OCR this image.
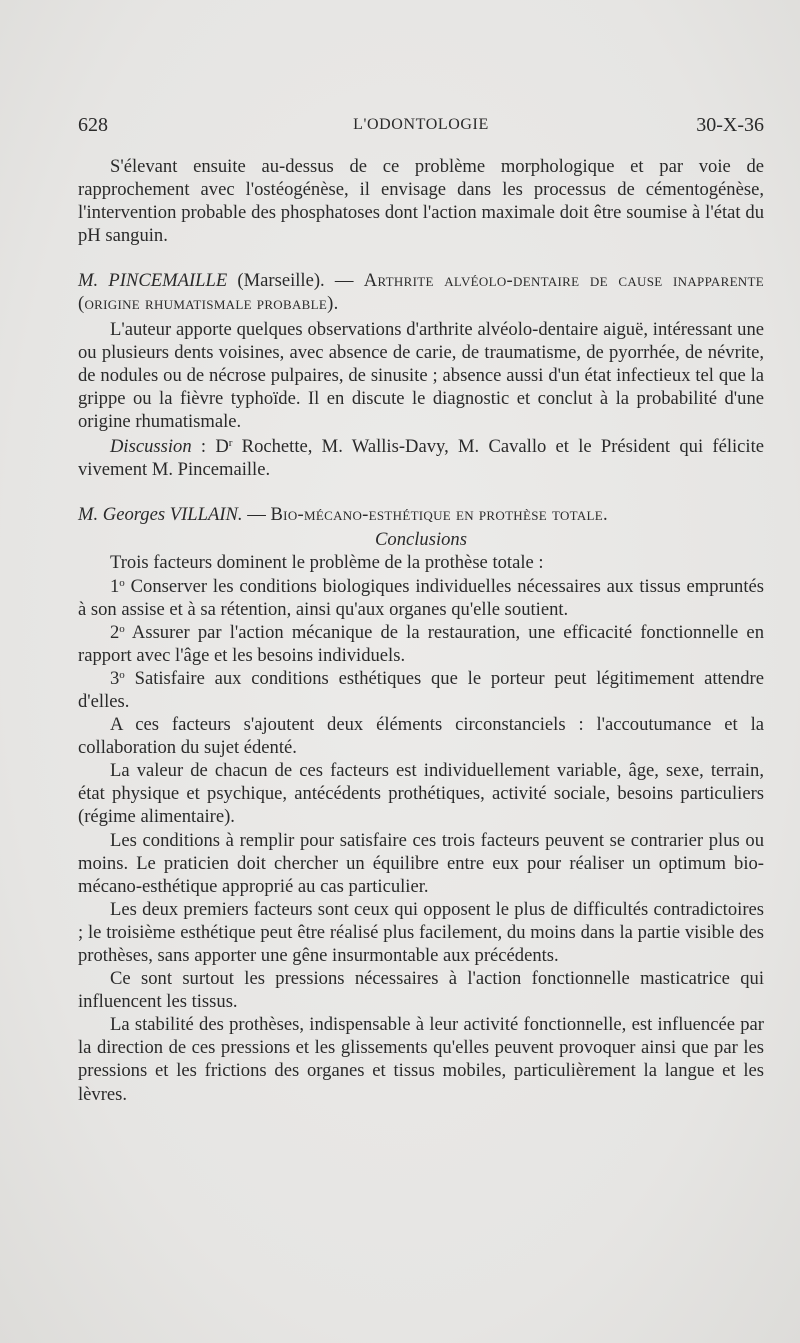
628	L'ODONTOLOGIE	30-X-36

S'élevant ensuite au-dessus de ce problème morphologique et par voie de rapprochement avec l'ostéogénèse, il envisage dans les processus de cémentogénèse, l'intervention probable des phosphatoses dont l'action maximale doit être soumise à l'état du pH sanguin.

M. PINCEMAILLE (Marseille). — Arthrite alvéolo-dentaire de cause inapparente (origine rhumatismale probable).

L'auteur apporte quelques observations d'arthrite alvéolo-dentaire aiguë, intéressant une ou plusieurs dents voisines, avec absence de carie, de traumatisme, de pyorrhée, de névrite, de nodules ou de nécrose pulpaires, de sinusite ; absence aussi d'un état infectieux tel que la grippe ou la fièvre typhoïde. Il en discute le diagnostic et conclut à la probabilité d'une origine rhumatismale.

Discussion : $D^r$ Rochette, M. Wallis-Davy, M. Cavallo et le Président qui félicite vivement M. Pincemaille.

M. Georges VILLAIN. — Bio-mécano-esthétique en prothèse totale.

Conclusions

Trois facteurs dominent le problème de la prothèse totale :

1$^o$ Conserver les conditions biologiques individuelles nécessaires aux tissus empruntés à son assise et à sa rétention, ainsi qu'aux organes qu'elle soutient.

2$^o$ Assurer par l'action mécanique de la restauration, une efficacité fonctionnelle en rapport avec l'âge et les besoins individuels.

3$^o$ Satisfaire aux conditions esthétiques que le porteur peut légitimement attendre d'elles.

A ces facteurs s'ajoutent deux éléments circonstanciels : l'accoutumance et la collaboration du sujet édenté.

La valeur de chacun de ces facteurs est individuellement variable, âge, sexe, terrain, état physique et psychique, antécédents prothétiques, activité sociale, besoins particuliers (régime alimentaire).

Les conditions à remplir pour satisfaire ces trois facteurs peuvent se contrarier plus ou moins. Le praticien doit chercher un équilibre entre eux pour réaliser un optimum bio-mécano-esthétique approprié au cas particulier.

Les deux premiers facteurs sont ceux qui opposent le plus de difficultés contradictoires ; le troisième esthétique peut être réalisé plus facilement, du moins dans la partie visible des prothèses, sans apporter une gêne insurmontable aux précédents.

Ce sont surtout les pressions nécessaires à l'action fonctionnelle masticatrice qui influencent les tissus.

La stabilité des prothèses, indispensable à leur activité fonctionnelle, est influencée par la direction de ces pressions et les glissements qu'elles peuvent provoquer ainsi que par les pressions et les frictions des organes et tissus mobiles, particulièrement la langue et les lèvres.
